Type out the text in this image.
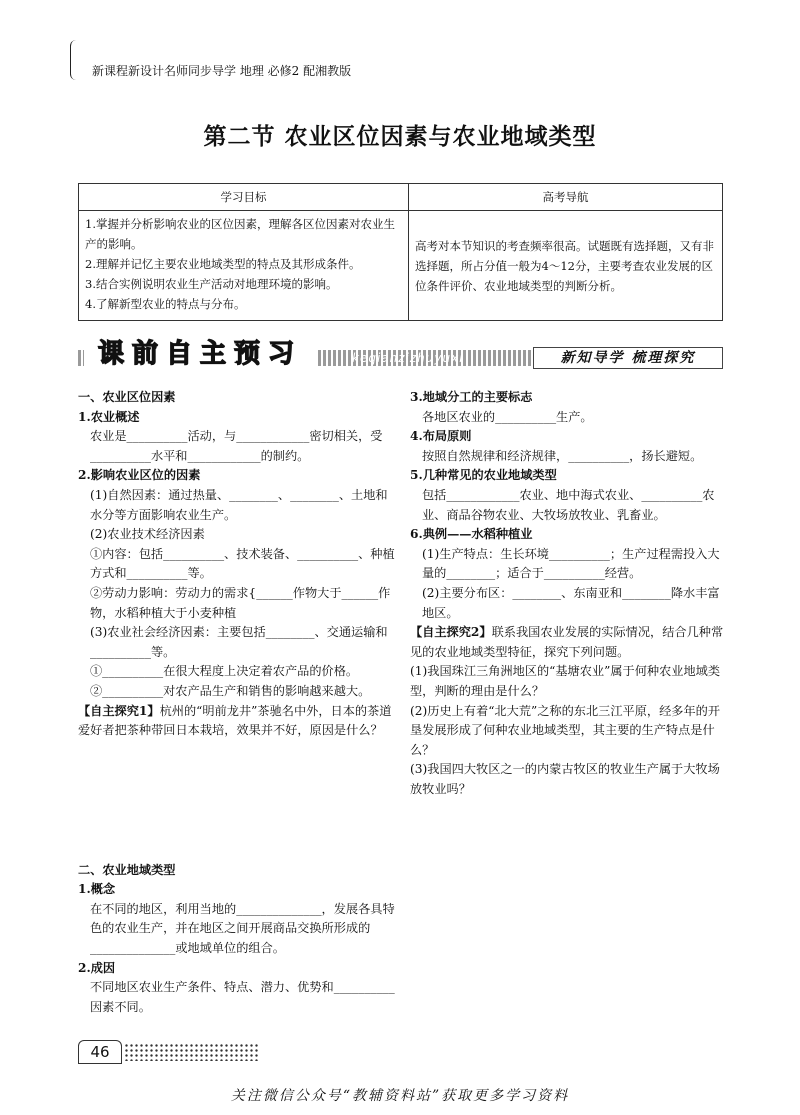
新课程新设计名师同步导学 地理 必修2 配湘教版
第二节 农业区位因素与农业地域类型
学习目标	高考导航

1.掌握并分析影响农业的区位因素，理解各区位因素对农业生产的影响。
2.理解并记忆主要农业地域类型的特点及其形成条件。
3.结合实例说明农业生产活动对地理环境的影响。
4.了解新型农业的特点与分布。	高考对本节知识的考查频率很高。试题既有选择题，又有非选择题，所占分值一般为4～12分，主要考查农业发展的区位条件评价、农业地域类型的判断分析。
课前自主预习	keqianzizhuyuxi	新知导学 梳理探究
一、农业区位因素
1.农业概述
农业是__________活动，与____________密切相关，受__________水平和____________的制约。
2.影响农业区位的因素
(1)自然因素：通过热量、________、________、土地和水分等方面影响农业生产。
(2)农业技术经济因素
①内容：包括__________、技术装备、__________、种植方式和__________等。
②劳动力影响：劳动力的需求{______作物大于______作物，水稻种植大于小麦种植
(3)农业社会经济因素：主要包括________、交通运输和__________等。
①__________在很大程度上决定着农产品的价格。
②__________对农产品生产和销售的影响越来越大。
【自主探究1】杭州的“明前龙井”茶驰名中外，日本的茶道爱好者把茶种带回日本栽培，效果并不好，原因是什么？
二、农业地域类型
1.概念
在不同的地区，利用当地的______________，发展各具特色的农业生产，并在地区之间开展商品交换所形成的______________或地域单位的组合。
2.成因
不同地区农业生产条件、特点、潜力、优势和__________因素不同。
3.地域分工的主要标志
各地区农业的__________生产。
4.布局原则
按照自然规律和经济规律，__________，扬长避短。
5.几种常见的农业地域类型
包括____________农业、地中海式农业、__________农业、商品谷物农业、大牧场放牧业、乳畜业。
6.典例——水稻种植业
(1)生产特点：生长环境__________；生产过程需投入大量的________；适合于__________经营。
(2)主要分布区：________、东南亚和________降水丰富地区。
【自主探究2】联系我国农业发展的实际情况，结合几种常见的农业地域类型特征，探究下列问题。
(1)我国珠江三角洲地区的“基塘农业”属于何种农业地域类型，判断的理由是什么？
(2)历史上有着“北大荒”之称的东北三江平原，经多年的开垦发展形成了何种农业地域类型，其主要的生产特点是什么？
(3)我国四大牧区之一的内蒙古牧区的牧业生产属于大牧场放牧业吗？
46
关注微信公众号“教辅资料站”获取更多学习资料
